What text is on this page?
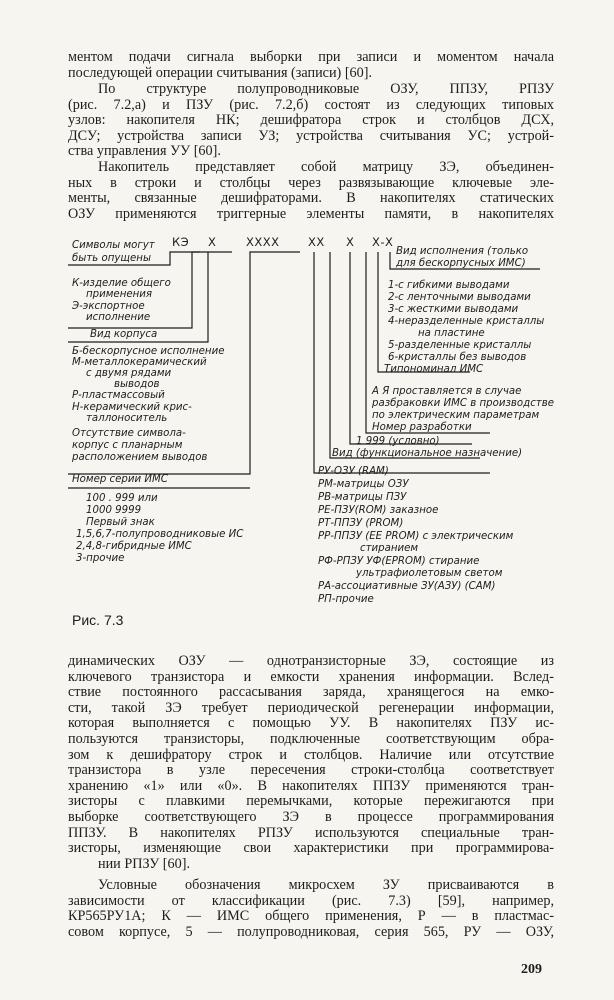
ментом подачи сигнала выборки при записи и моментом начала
последующей операции считывания (записи) [60].
По структуре полупроводниковые ОЗУ, ППЗУ, РПЗУ
(рис. 7.2,а) и ПЗУ (рис. 7.2,б) состоят из следующих типовых
узлов: накопителя НК; дешифратора строк и столбцов ДСХ,
ДСУ; устройства записи УЗ; устройства считывания УС; устрой-
ства управления УУ [60].
Накопитель представляет собой матрицу ЗЭ, объединен-
ных в строки и столбцы через развязывающие ключевые эле-
менты, связанные дешифраторами. В накопителях статических
ОЗУ применяются триггерные элементы памяти, в накопителях
КЭ Х	ХХХХ ХХ Х Х-Х
Символы могут
быть опущены
К-изделие общего
применения
Э-экспортное
исполнение
Вид корпуса
Б-бескорпусное исполнение
М-металлокерамический
с двумя рядами
выводов
Р-пластмассовый
Н-керамический крис-
таллоноситель
Отсутствие символа-
корпус с планарным
расположением выводов
Номер серии ИМС
100 . 999 или
1000 9999
Первый знак
1,5,6,7-полупроводниковые ИС
2,4,8-гибридные ИМС
3-прочие
Вид исполнения (только
для бескорпусных ИМС)
1-с гибкими выводами
2-с ленточными выводами
3-с жесткими выводами
4-неразделенные кристаллы
на пластине
5-разделенные кристаллы
6-кристаллы без выводов
Типономинал ИМС
А Я проставляется в случае
разбраковки ИМС в производстве
по электрическим параметрам
Номер разработки
1 999 (условно)
Вид (функциональное назначение)
РУ-ОЗУ (RAM)
РМ-матрицы ОЗУ
РВ-матрицы ПЗУ
РЕ-ПЗУ(ROM) заказное
РТ-ППЗУ (PROM)
РР-ППЗУ (EE PROM) с электрическим
стиранием
РФ-РПЗУ УФ(EPROM) стирание
ультрафиолетовым светом
РА-ассоциативные ЗУ(АЗУ) (CAM)
РП-прочие
Рис. 7.3
динамических ОЗУ — однотранзисторные ЗЭ, состоящие из
ключевого транзистора и емкости хранения информации. Вслед-
ствие постоянного рассасывания заряда, хранящегося на емко-
сти, такой ЗЭ требует периодической регенерации информации,
которая выполняется с помощью УУ. В накопителях ПЗУ ис-
пользуются транзисторы, подключенные соответствующим обра-
зом к дешифратору строк и столбцов. Наличие или отсутствие
транзистора в узле пересечения строки-столбца соответствует
хранению «1» или «0». В накопителях ППЗУ применяются тран-
зисторы с плавкими перемычками, которые пережигаются при
выборке соответствующего ЗЭ в процессе программирования
ППЗУ. В накопителях РПЗУ используются специальные тран-
зисторы, изменяющие свои характеристики при программирова-
нии РПЗУ [60].
Условные обозначения микросхем ЗУ присваиваются в
зависимости от классификации (рис. 7.3) [59], например,
КР565РУ1А; К — ИМС общего применения, Р — в пластмас-
совом корпусе, 5 — полупроводниковая, серия 565, РУ — ОЗУ,
209
